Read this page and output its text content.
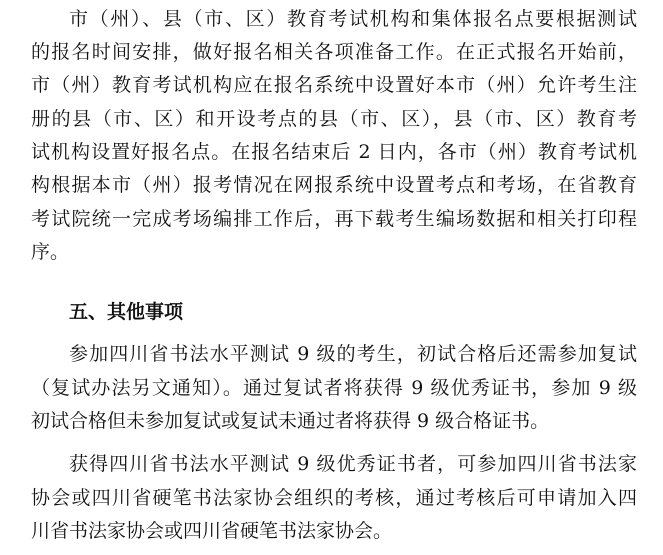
市（州）、县（市、区）教育考试机构和集体报名点要根据测试
的报名时间安排，做好报名相关各项准备工作。在正式报名开始前，
市（州）教育考试机构应在报名系统中设置好本市（州）允许考生注
册的县（市、区）和开设考点的县（市、区），县（市、区）教育考
试机构设置好报名点。在报名结束后 2 日内，各市（州）教育考试机
构根据本市（州）报考情况在网报系统中设置考点和考场，在省教育
考试院统一完成考场编排工作后，再下载考生编场数据和相关打印程
序。
五、其他事项
参加四川省书法水平测试 9 级的考生，初试合格后还需参加复试
（复试办法另文通知）。通过复试者将获得 9 级优秀证书，参加 9 级
初试合格但未参加复试或复试未通过者将获得 9 级合格证书。
获得四川省书法水平测试 9 级优秀证书者，可参加四川省书法家
协会或四川省硬笔书法家协会组织的考核，通过考核后可申请加入四
川省书法家协会或四川省硬笔书法家协会。
